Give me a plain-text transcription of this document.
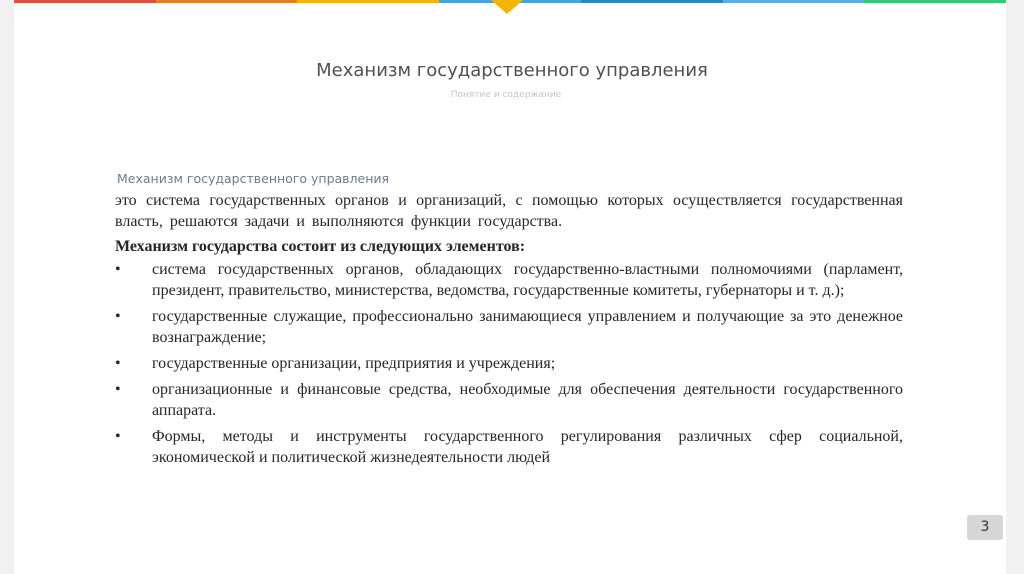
Механизм государственного управления
Понятие и содержание
Механизм государственного управления

это система государственных органов и организаций, с помощью которых осуществляется государственная власть, решаются задачи и выполняются функции государства.

Механизм государства состоит из следующих элементов:

• система государственных органов, обладающих государственно-властными полномочиями (парламент, президент, правительство, министерства, ведомства, государственные комитеты, губернаторы и т. д.);
• государственные служащие, профессионально занимающиеся управлением и получающие за это денежное вознаграждение;
• государственные организации, предприятия и учреждения;
• организационные и финансовые средства, необходимые для обеспечения деятельности государственного аппарата.
• Формы, методы и инструменты государственного регулирования различных сфер социальной, экономической и политической жизнедеятельности людей
3
